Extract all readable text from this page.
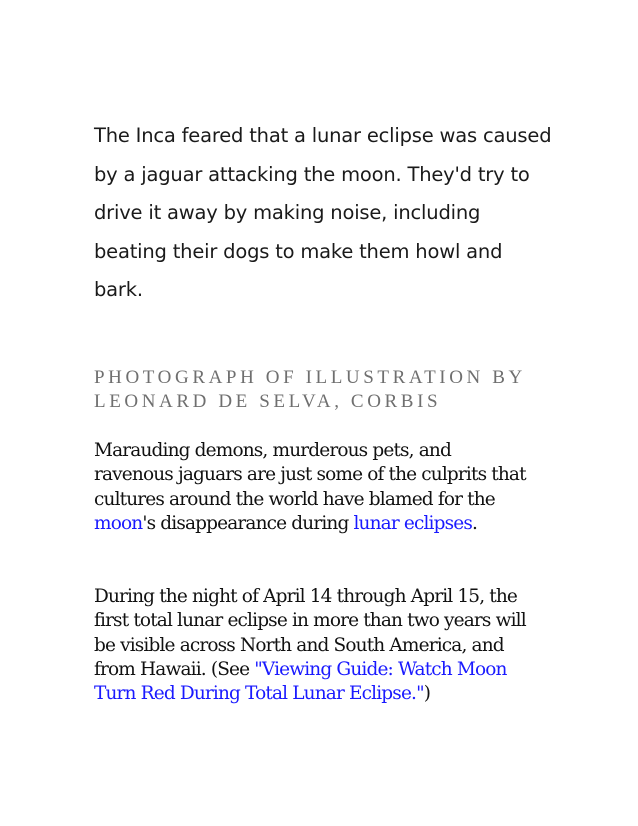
The Inca feared that a lunar eclipse was caused by a jaguar attacking the moon. They'd try to drive it away by making noise, including beating their dogs to make them howl and bark.
PHOTOGRAPH OF ILLUSTRATION BY LEONARD DE SELVA, CORBIS

Marauding demons, murderous pets, and ravenous jaguars are just some of the culprits that cultures around the world have blamed for the moon's disappearance during lunar eclipses.

During the night of April 14 through April 15, the first total lunar eclipse in more than two years will be visible across North and South America, and from Hawaii. (See "Viewing Guide: Watch Moon Turn Red During Total Lunar Eclipse.")
